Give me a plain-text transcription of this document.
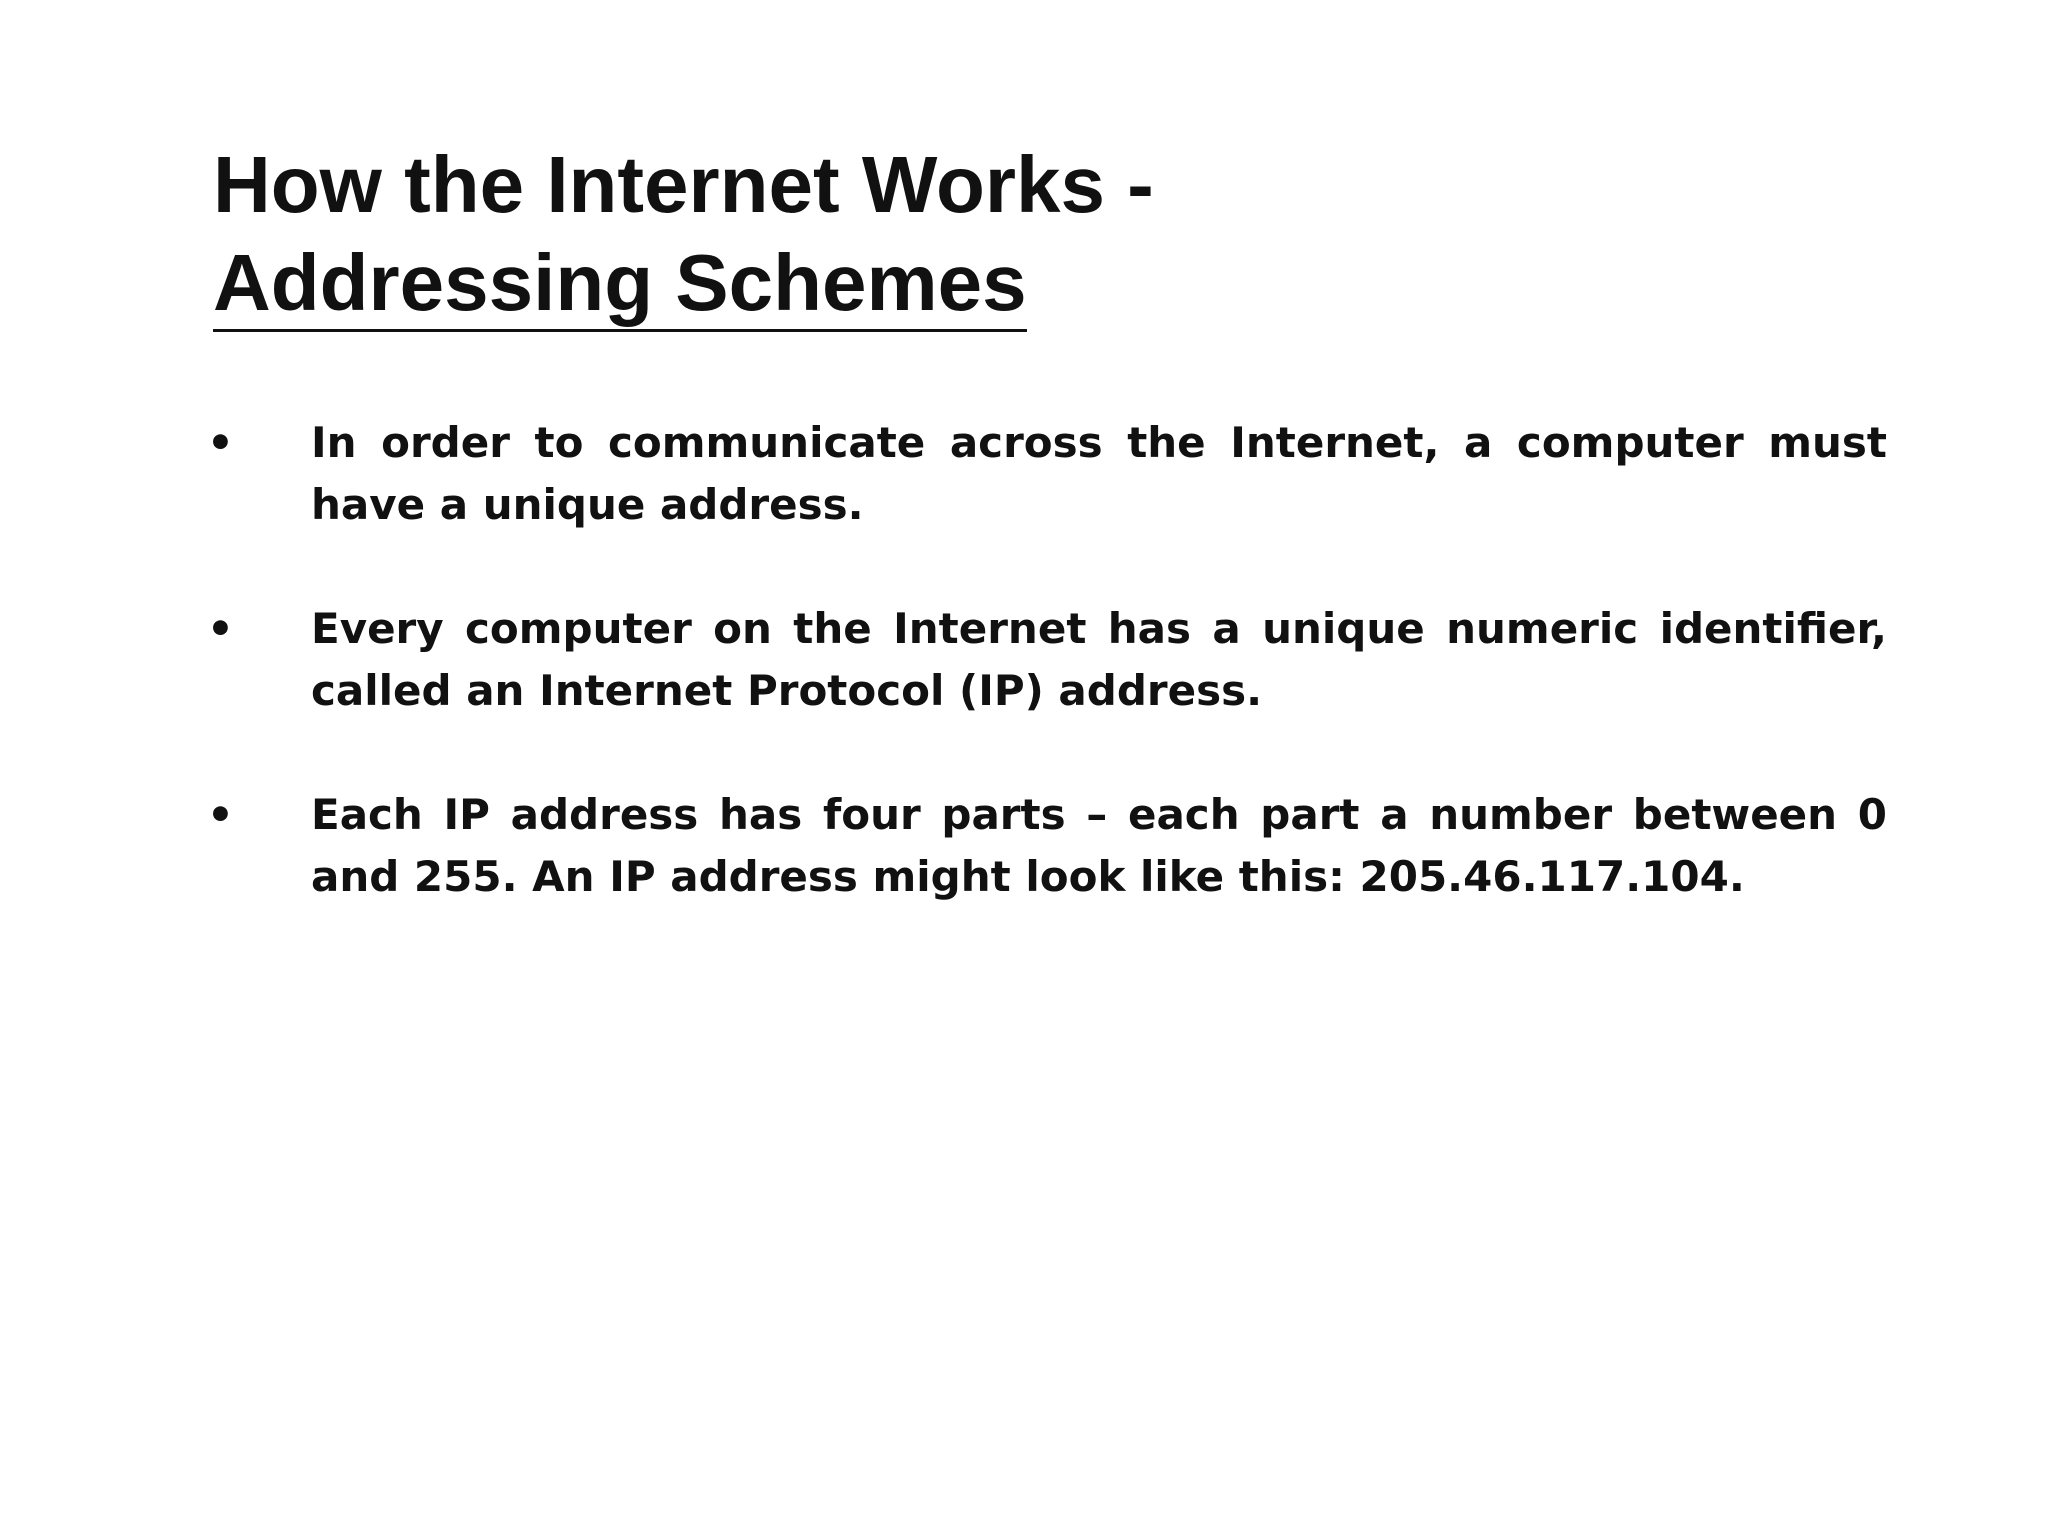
How the Internet Works -
Addressing Schemes
•	In order to communicate across the Internet, a computer must have a unique address.
•	Every computer on the Internet has a unique numeric identifier, called an Internet Protocol (IP) address.
•	Each IP address has four parts – each part a number between 0 and 255. An IP address might look like this: 205.46.117.104.
